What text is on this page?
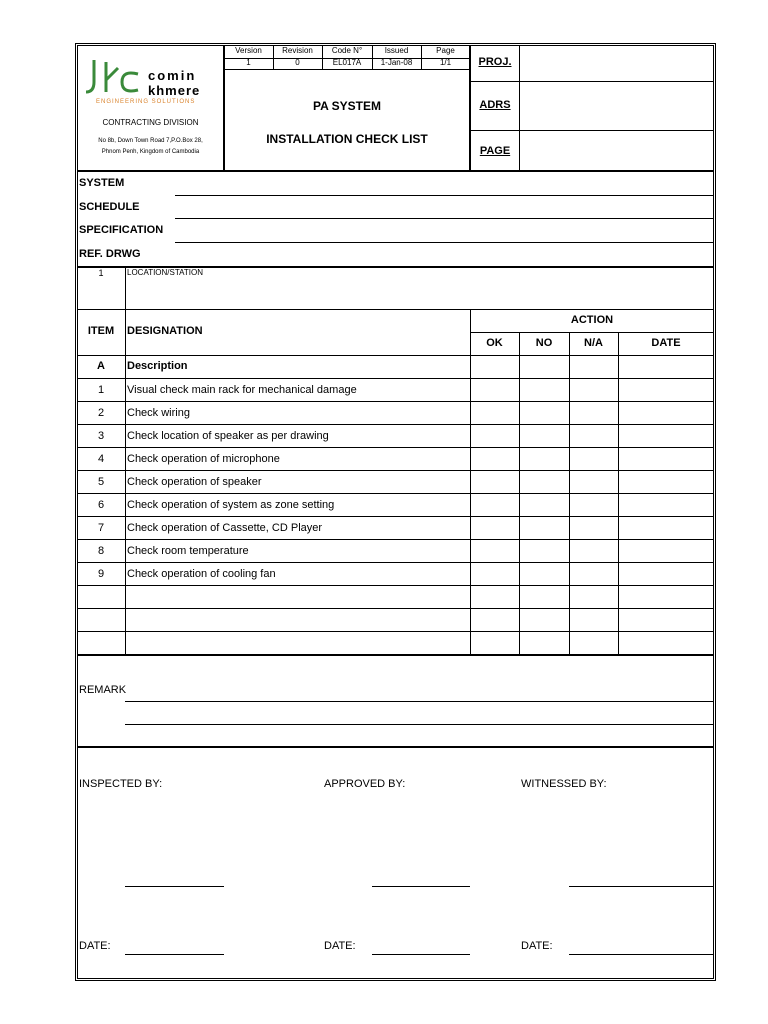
comin
khmere
ENGINEERING SOLUTIONS
CONTRACTING DIVISION
No 8b, Down Town Road 7,P.O.Box 28,
Phnom Penh, Kingdom of Cambodia
Version	Revision	Code N°	Issued	Page
1	0	EL017A	1-Jan-08	1/1
PA SYSTEM
INSTALLATION CHECK LIST
PROJ.
ADRS
PAGE
SYSTEM
SCHEDULE
SPECIFICATION
REF. DRWG
1	LOCATION/STATION
ITEM	DESIGNATION
ACTION
OK	NO	N/A	DATE
A	Description
1	Visual check main rack for mechanical damage
2	Check wiring
3	Check location of speaker as per drawing
4	Check operation of microphone
5	Check operation of speaker
6	Check operation of system as zone setting
7	Check operation of Cassette, CD Player
8	Check room temperature
9	Check operation of cooling fan
REMARK
INSPECTED BY:	APPROVED BY:	WITNESSED BY:
DATE:	DATE:	DATE:
